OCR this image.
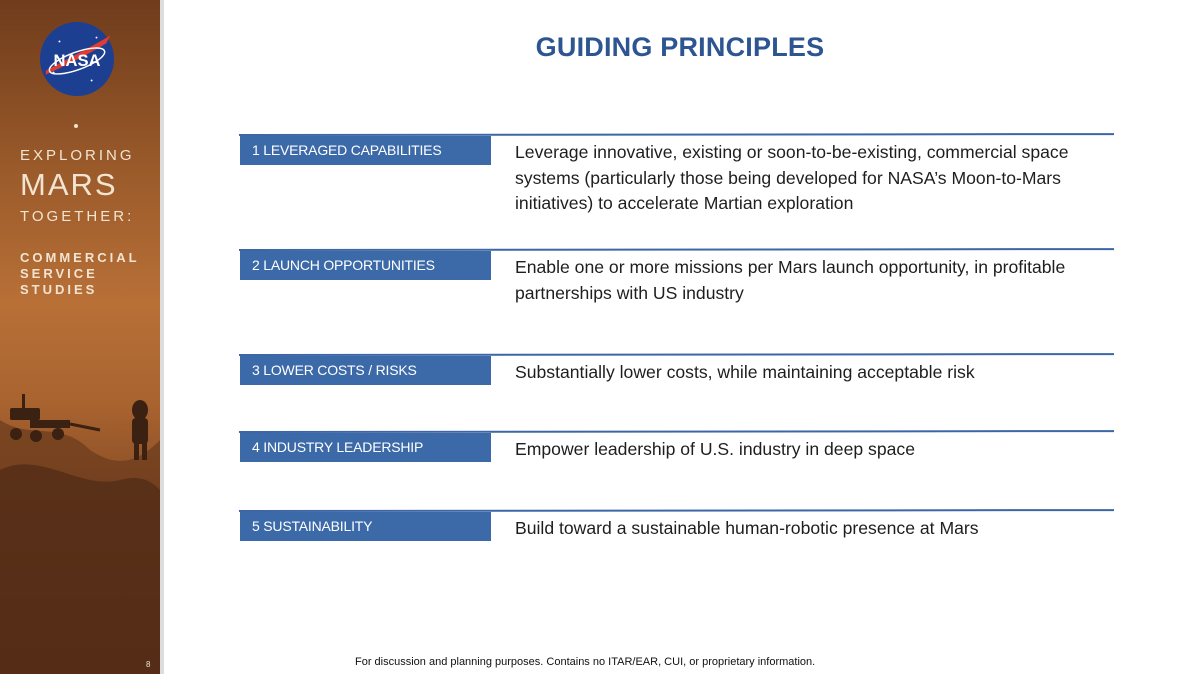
NASA
EXPLORING
MARS
TOGETHER:
COMMERCIAL
SERVICE
STUDIES
8
GUIDING PRINCIPLES
1 LEVERAGED CAPABILITIES	Leverage innovative, existing or soon-to-be-existing, commercial space systems (particularly those being developed for NASA’s Moon-to-Mars initiatives) to accelerate Martian exploration
2 LAUNCH OPPORTUNITIES	Enable one or more missions per Mars launch opportunity, in profitable partnerships with US industry
3 LOWER COSTS / RISKS	Substantially lower costs, while maintaining acceptable risk
4 INDUSTRY LEADERSHIP	Empower leadership of U.S. industry in deep space
5 SUSTAINABILITY	Build toward a sustainable human-robotic presence at Mars
For discussion and planning purposes. Contains no ITAR/EAR, CUI, or proprietary information.
